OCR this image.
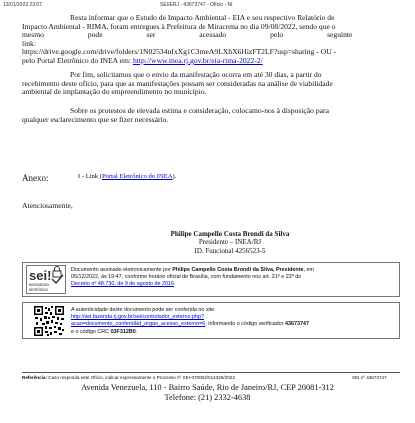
13/01/2023 23:07	SEI/ERJ - 43673747 - Ofício - NI

Resta informar que o Estudo de Impacto Ambiental - EIA e seu respectivo Relatório de

Impacto Ambiental - RIMA, foram entregues à Prefeitura de Miracema no dia 09/08/2022, sendo que o

mesmo pode ser acessado pelo seguinte link:

https://drive.google.com/drive/folders/1N02534nIxXg1C3meA9LXhX6HizFT2LF?usp=sharing - OU -

pelo Portal Eletrônico do INEA em: http://www.inea.rj.gov.br/eia-rima-2022-2/

Por fim, solicitamos que o envio da manifestação ocorra em até 30 dias, a partir do

recebimento deste ofício, para que as manifestações possam ser consideradas na análise de viabilidade

ambiental de implantação do empreendimento no município.

Sobre os protestos de elevada estima e consideração, colocamo-nos à disposição para

qualquer esclarecimento que se fizer necessário.

Anexo:	I - Link (Portal Eletrônico do INEA).
Atenciosamente,
Philipe Campello Costa Brondi da Silva
Presidente – INEA/RJ
ID. Funcional 4256523-5
sei!
assinatura
eletrônica
Documento assinado eletronicamente por Philipe Campello Costa Brondi da Silva, Presidente, em
05/12/2022, às 19:47, conforme horário oficial de Brasília, com fundamento nos art. 21º e 22º do
Decreto nº 48.730, de 9 de agosto de 2016.
A autenticidade deste documento pode ser conferida no site
http://sei.fazenda.rj.gov.br/sei/controlador_externo.php?
acao=documento_conferir&id_orgao_acesso_externo=6, informando o código verificador 43673747
e o código CRC 03F312B0.
Referência: Caso responda este Ofício, indicar expressamente o Processo nº SEI-070002/014328/2022	SEI nº 43673747
Avenida Venezuela, 110 - Bairro Saúde, Rio de Janeiro/RJ, CEP 20081-312
Telefone: (21) 2332-4638
